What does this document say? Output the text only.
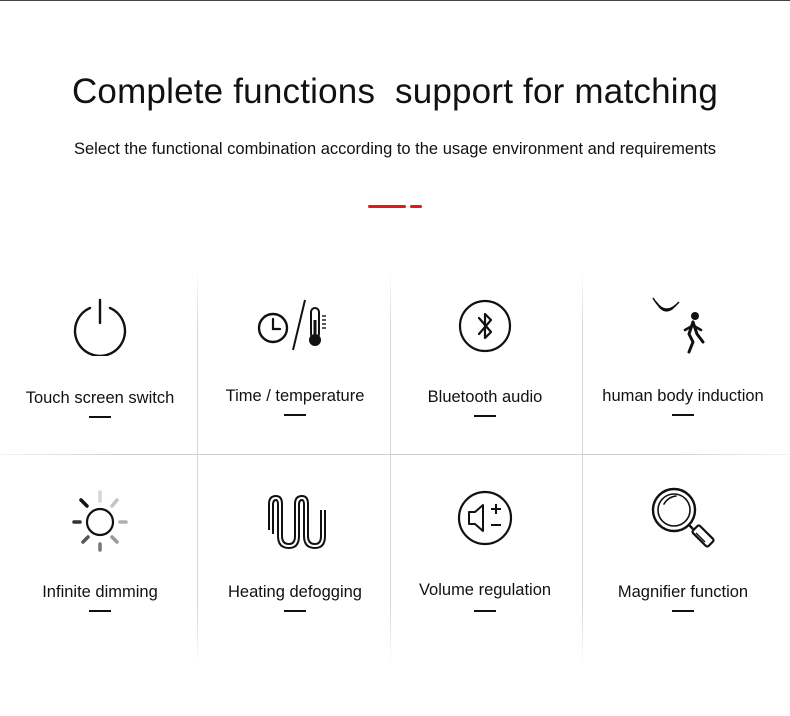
Complete functions  support for matching

Select the functional combination according to the usage environment and requirements

Touch screen switch	Time / temperature	Bluetooth audio	human body induction
Infinite dimming	Heating defogging	Volume regulation	Magnifier function
